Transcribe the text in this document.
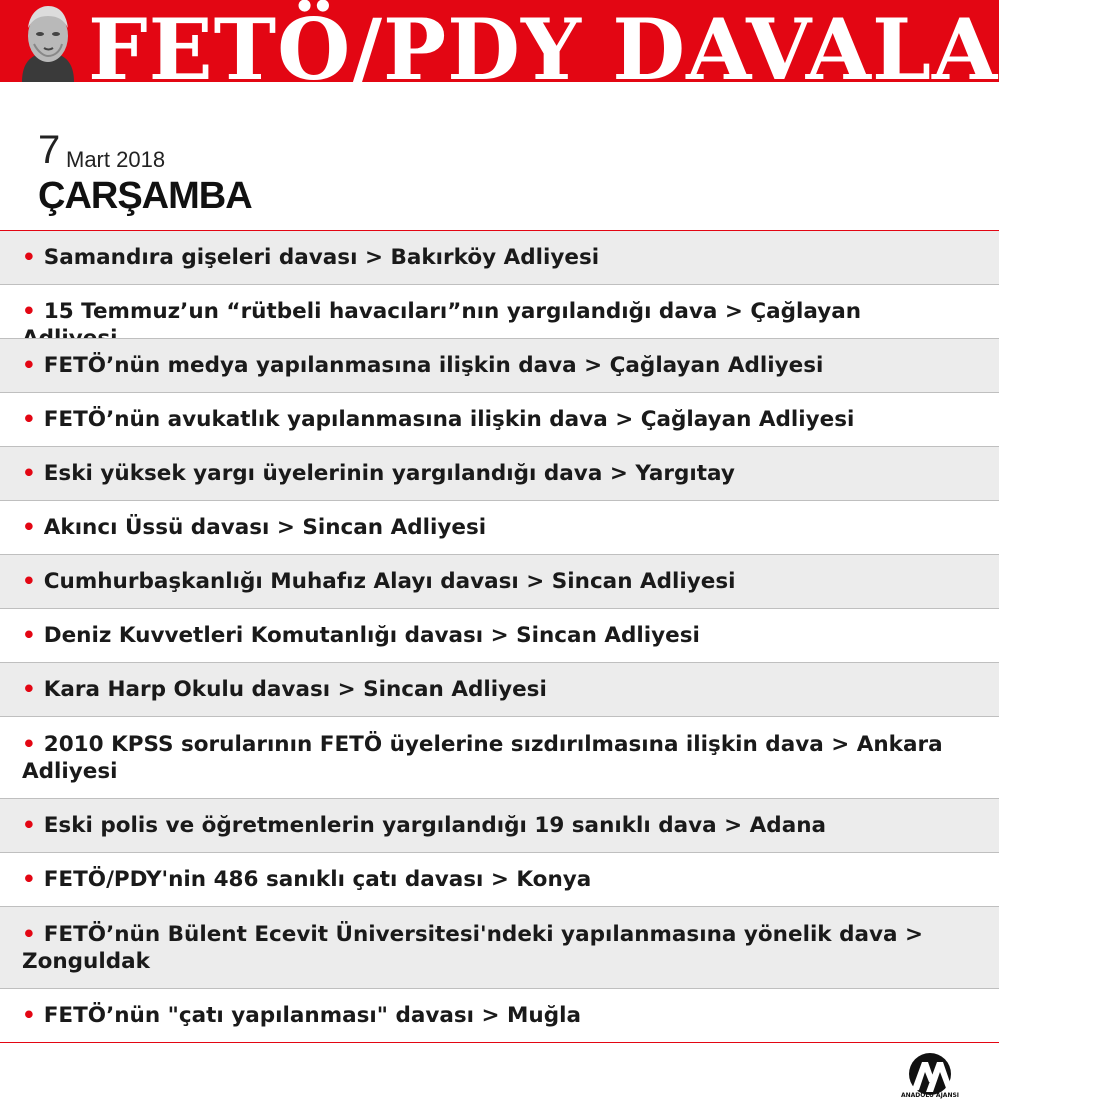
FETÖ/PDY DAVALARI
7 Mart 2018
ÇARŞAMBA
• Samandıra gişeleri davası > Bakırköy Adliyesi
• 15 Temmuz’un “rütbeli havacıları”nın yargılandığı dava > Çağlayan
• FETÖ’nün medya yapılanmasına ilişkin dava > Çağlayan Adliyesi
• FETÖ’nün avukatlık yapılanmasına ilişkin dava > Çağlayan Adliyesi
• Eski yüksek yargı üyelerinin yargılandığı dava > Yargıtay
• Akıncı Üssü davası > Sincan Adliyesi
• Cumhurbaşkanlığı Muhafız Alayı davası > Sincan Adliyesi
• Deniz Kuvvetleri Komutanlığı davası > Sincan Adliyesi
• Kara Harp Okulu davası > Sincan Adliyesi
• 2010 KPSS sorularının FETÖ üyelerine sızdırılmasına ilişkin dava > Ankara Adliyesi
• Eski polis ve öğretmenlerin yargılandığı 19 sanıklı dava > Adana
• FETÖ/PDY'nin 486 sanıklı çatı davası > Konya
• FETÖ’nün Bülent Ecevit Üniversitesi'ndeki yapılanmasına yönelik dava > Zonguldak
• FETÖ’nün "çatı yapılanması" davası > Muğla
ANADOLU AJANSI
